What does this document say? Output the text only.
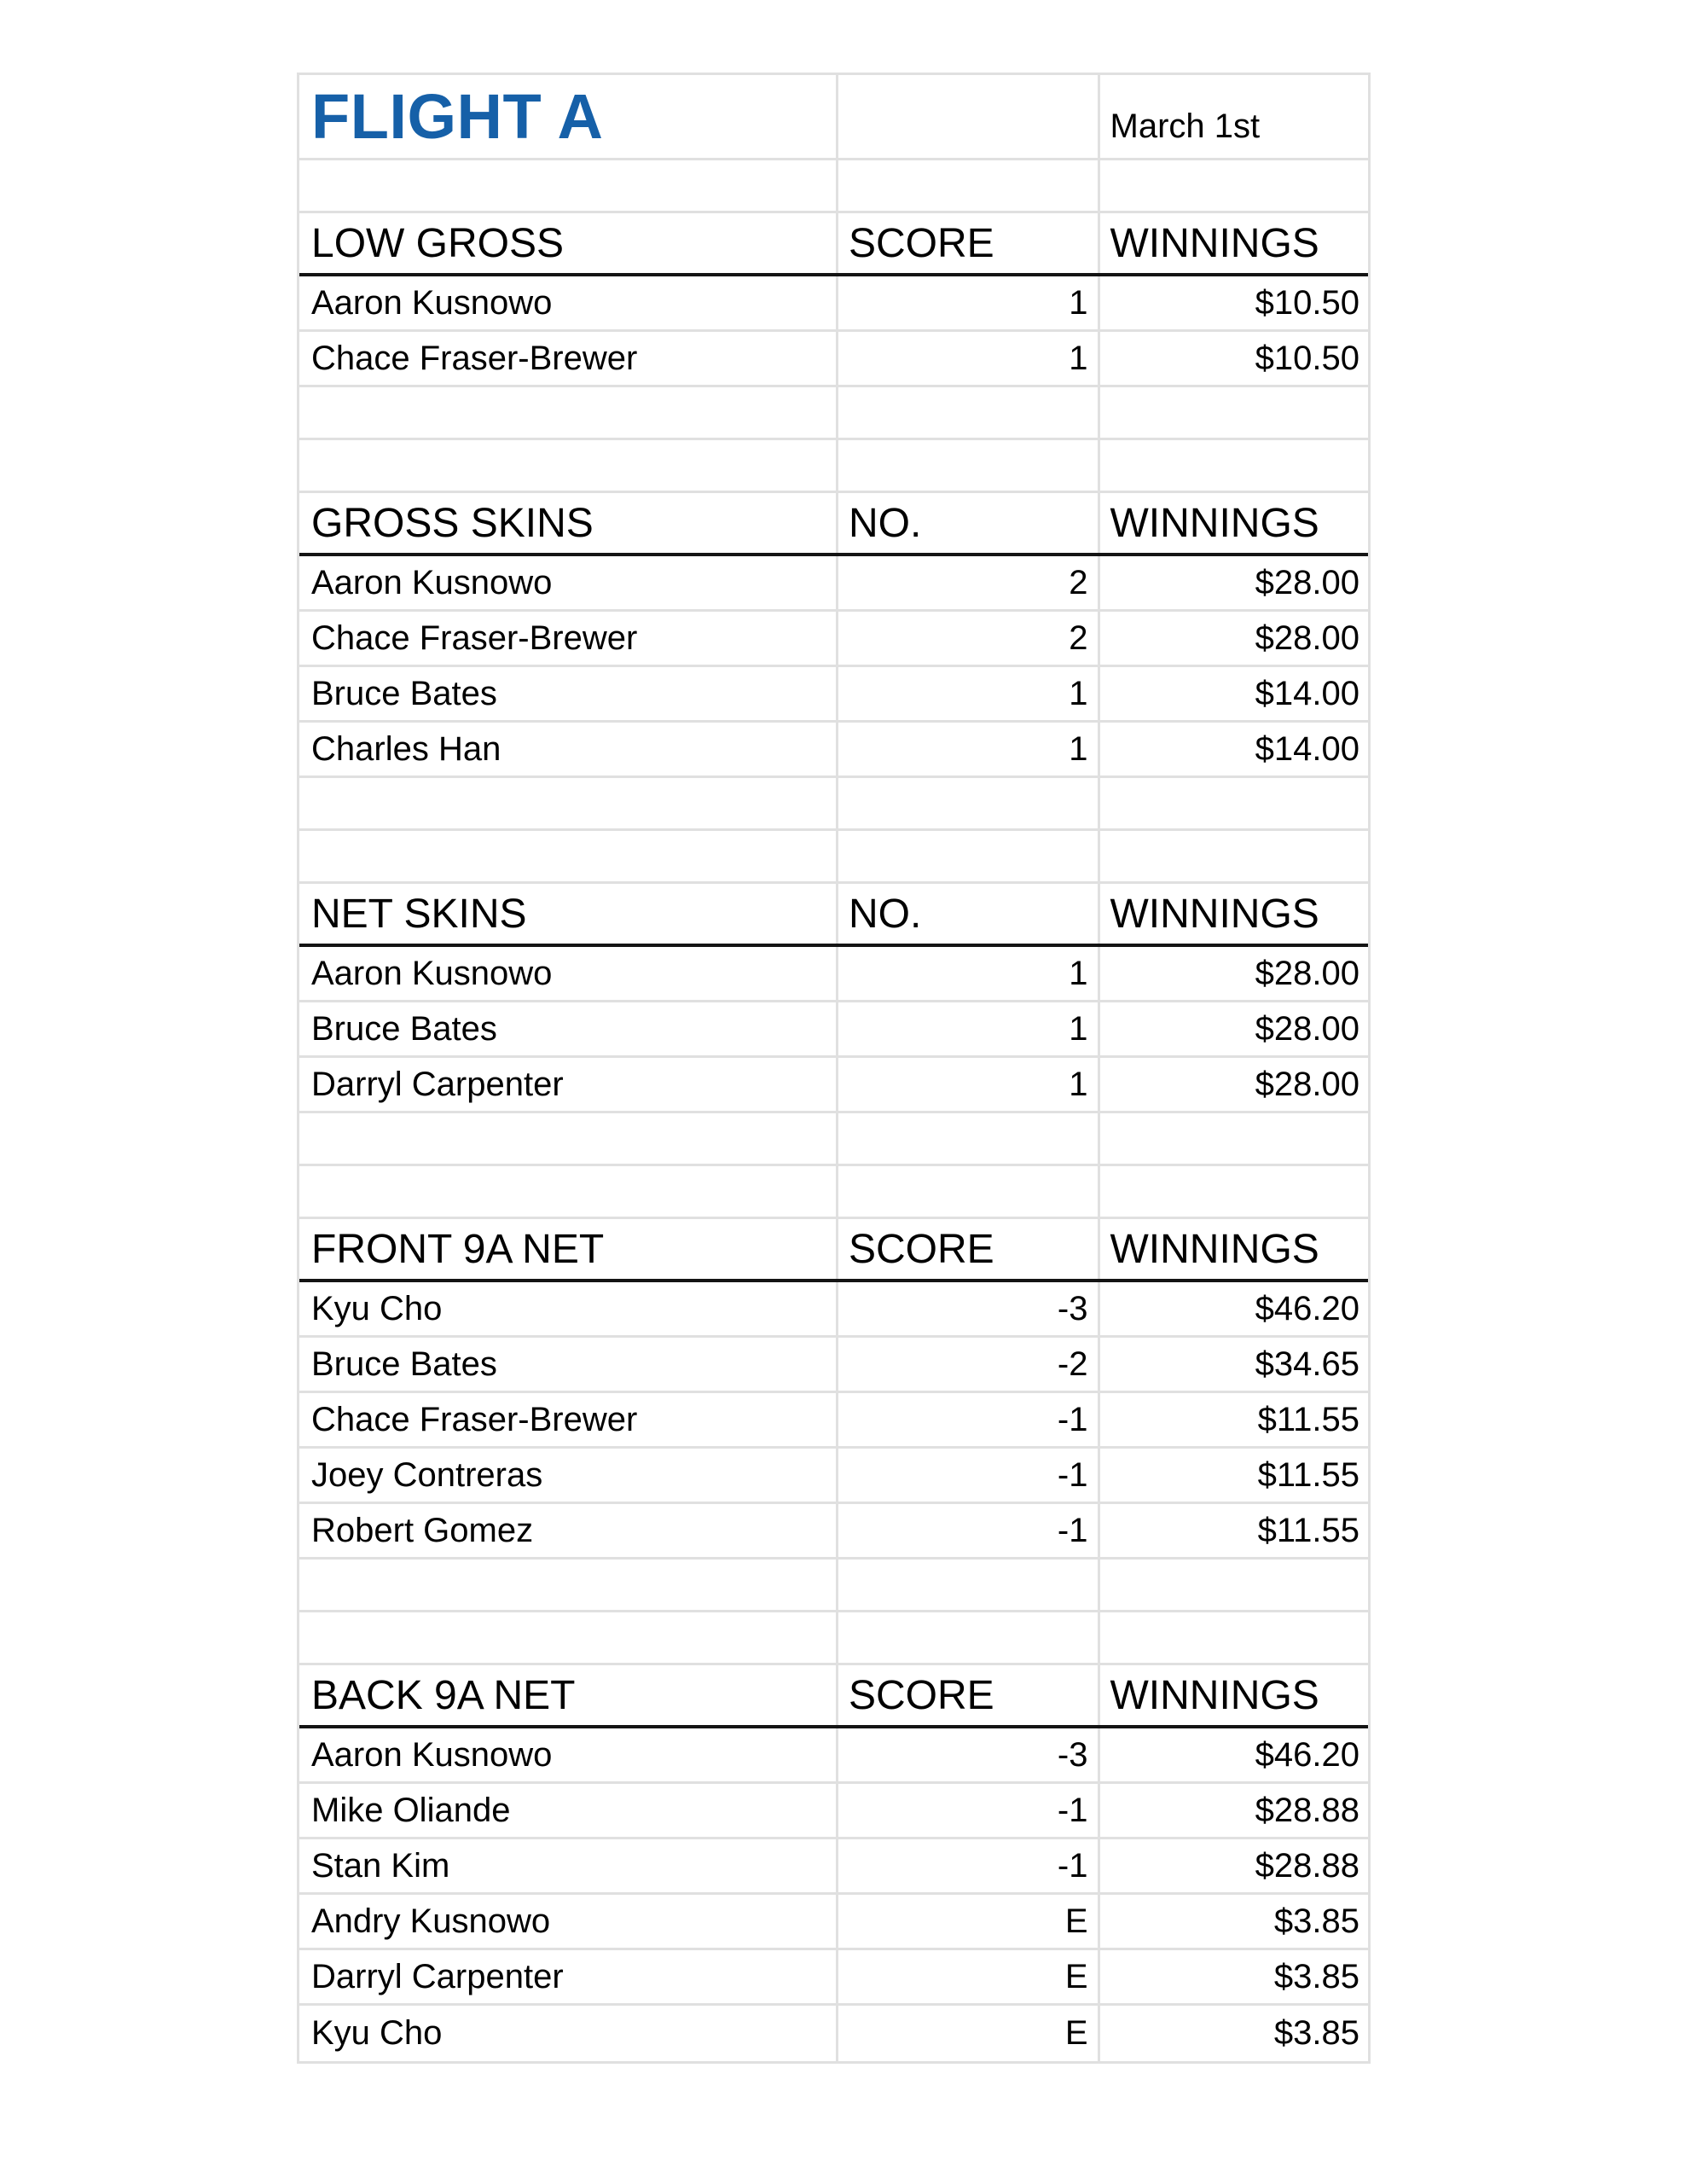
FLIGHT A	March 1st
LOW GROSS	SCORE	WINNINGS
Aaron Kusnowo	1	$10.50
Chace Fraser-Brewer	1	$10.50
GROSS SKINS	NO.	WINNINGS
Aaron Kusnowo	2	$28.00
Chace Fraser-Brewer	2	$28.00
Bruce Bates	1	$14.00
Charles Han	1	$14.00
NET SKINS	NO.	WINNINGS
Aaron Kusnowo	1	$28.00
Bruce Bates	1	$28.00
Darryl Carpenter	1	$28.00
FRONT 9A NET	SCORE	WINNINGS
Kyu Cho	-3	$46.20
Bruce Bates	-2	$34.65
Chace Fraser-Brewer	-1	$11.55
Joey Contreras	-1	$11.55
Robert Gomez	-1	$11.55
BACK 9A NET	SCORE	WINNINGS
Aaron Kusnowo	-3	$46.20
Mike Oliande	-1	$28.88
Stan Kim	-1	$28.88
Andry Kusnowo	E	$3.85
Darryl Carpenter	E	$3.85
Kyu Cho	E	$3.85
